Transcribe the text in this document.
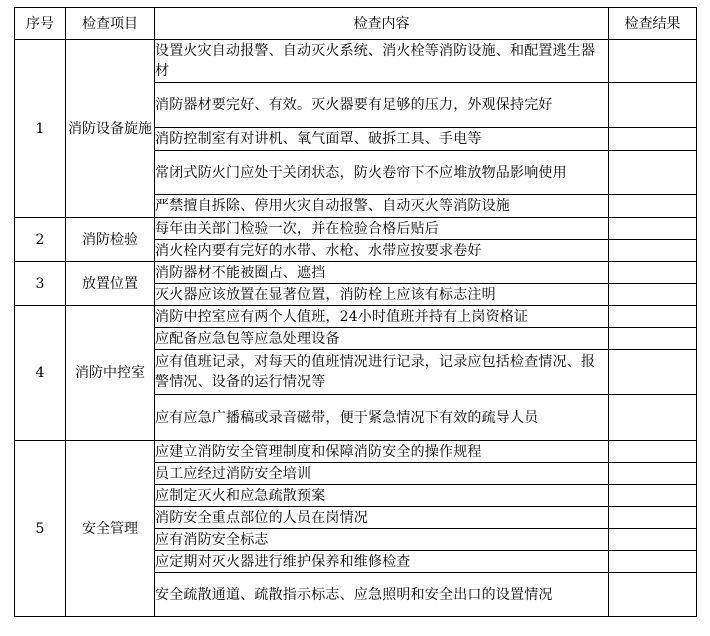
序号	检查项目	检查内容	检查结果
1	消防设备旋施	设置火灾自动报警、自动灭火系统、消火栓等消防设施、和配置逃生器材	
		消防器材要完好、有效。灭火器要有足够的压力，外观保持完好	
		消防控制室有对讲机、氧气面罩、破拆工具、手电等	
		常闭式防火门应处于关闭状态，防火卷帘下不应堆放物品影响使用	
		严禁擅自拆除、停用火灾自动报警、自动灭火等消防设施	
2	消防检验	每年由关部门检验一次，并在检验合格后贴后	
		消火栓内要有完好的水带、水枪、水带应按要求卷好	
3	放置位置	消防器材不能被圈占、遮挡	
		灭火器应该放置在显著位置，消防栓上应该有标志注明	
4	消防中控室	消防中控室应有两个人值班，24小时值班并持有上岗资格证	
		应配备应急包等应急处理设备	
		应有值班记录，对每天的值班情况进行记录，记录应包括检查情况、报警情况、设备的运行情况等	
		应有应急广播稿或录音磁带，便于紧急情况下有效的疏导人员	
5	安全管理	应建立消防安全管理制度和保障消防安全的操作规程	
		员工应经过消防安全培训	
		应制定灭火和应急疏散预案	
		消防安全重点部位的人员在岗情况	
		应有消防安全标志	
		应定期对灭火器进行维护保养和维修检查	
		安全疏散通道、疏散指示标志、应急照明和安全出口的设置情况	
